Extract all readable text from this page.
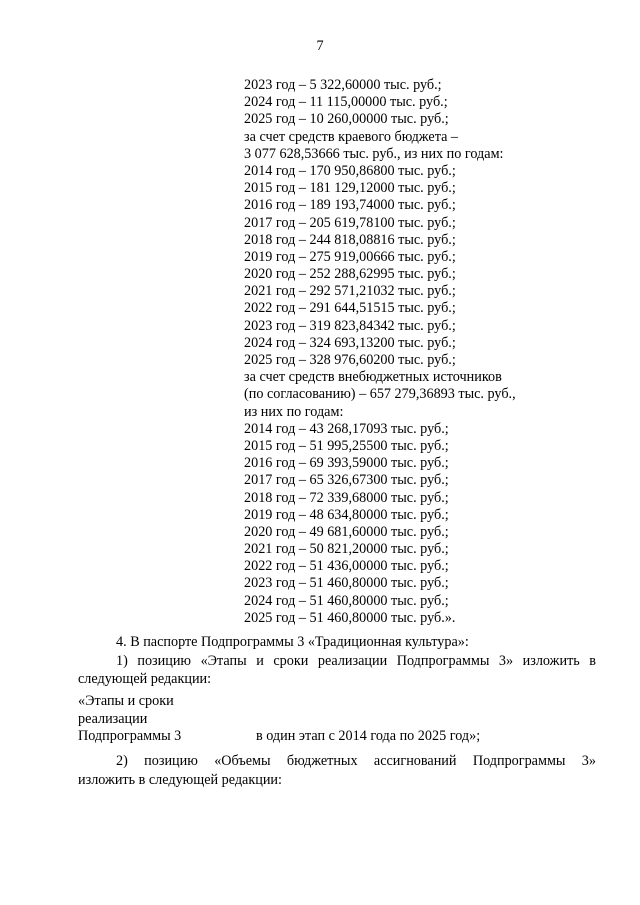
7
2023 год – 5 322,60000 тыс. руб.;
2024 год – 11 115,00000 тыс. руб.;
2025 год – 10 260,00000 тыс. руб.;
за счет средств краевого бюджета –
3 077 628,53666 тыс. руб., из них по годам:
2014 год – 170 950,86800 тыс. руб.;
2015 год – 181 129,12000 тыс. руб.;
2016 год – 189 193,74000 тыс. руб.;
2017 год – 205 619,78100 тыс. руб.;
2018 год – 244 818,08816 тыс. руб.;
2019 год – 275 919,00666 тыс. руб.;
2020 год – 252 288,62995 тыс. руб.;
2021 год – 292 571,21032 тыс. руб.;
2022 год – 291 644,51515 тыс. руб.;
2023 год – 319 823,84342 тыс. руб.;
2024 год – 324 693,13200 тыс. руб.;
2025 год – 328 976,60200 тыс. руб.;
за счет средств внебюджетных источников
(по согласованию) – 657 279,36893 тыс. руб.,
из них по годам:
2014 год – 43 268,17093 тыс. руб.;
2015 год – 51 995,25500 тыс. руб.;
2016 год – 69 393,59000 тыс. руб.;
2017 год – 65 326,67300 тыс. руб.;
2018 год – 72 339,68000 тыс. руб.;
2019 год – 48 634,80000 тыс. руб.;
2020 год – 49 681,60000 тыс. руб.;
2021 год – 50 821,20000 тыс. руб.;
2022 год – 51 436,00000 тыс. руб.;
2023 год – 51 460,80000 тыс. руб.;
2024 год – 51 460,80000 тыс. руб.;
2025 год – 51 460,80000 тыс. руб.».
4. В паспорте Подпрограммы 3 «Традиционная культура»:
1) позицию «Этапы и сроки реализации Подпрограммы 3» изложить в
следующей редакции:
«Этапы и сроки
реализации
Подпрограммы 3	в один этап с 2014 года по 2025 год»;
2) позицию «Объемы бюджетных ассигнований Подпрограммы 3»
изложить в следующей редакции:
